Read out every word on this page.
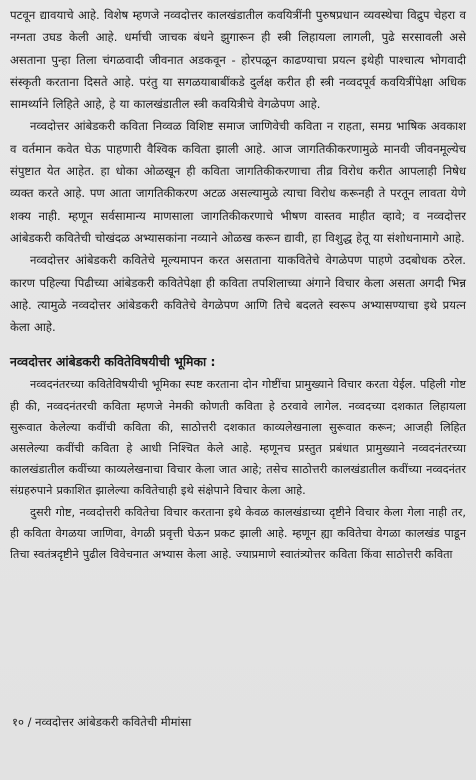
पटवून द्यावयाचे आहे. विशेष म्हणजे नव्वदोत्तर कालखंडातील कवयित्रींनी पुरुषप्रधान व्यवस्थेचा विद्रुप चेहरा व नग्नता उघड केली आहे. धर्माची जाचक बंधने झुगारून ही स्त्री लिहायला लागली, पुढे सरसावली असे असताना पुन्हा तिला चंगळवादी जीवनात अडकवून - होरपळून काढण्याचा प्रयत्न इथेही पाश्चात्य भोगवादी संस्कृती करताना दिसते आहे. परंतु या सगळयाबाबींकडे दुर्लक्ष करीत ही स्त्री नव्वदपूर्व कवयित्रींपेक्षा अधिक सामर्थ्याने लिहिते आहे, हे या कालखंडातील स्त्री कवयित्रीचे वेगळेपण आहे.

नव्वदोत्तर आंबेडकरी कविता निव्वळ विशिष्ट समाज जाणिवेची कविता न राहता, समग्र भाषिक अवकाश व वर्तमान कवेत घेऊ पाहणारी वैश्विक कविता झाली आहे. आज जागतिकीकरणामुळे मानवी जीवनमूल्येच संपुष्टात येत आहेत. हा धोका ओळखून ही कविता जागतिकीकरणाचा तीव्र विरोध करीत आपलाही निषेध व्यक्त करते आहे. पण आता जागतिकीकरण अटळ असल्यामुळे त्याचा विरोध करूनही ते परतून लावता येणे शक्य नाही. म्हणून सर्वसामान्य माणसाला जागतिकीकरणाचे भीषण वास्तव माहीत व्हावे; व नव्वदोत्तर आंबेडकरी कवितेची चोखंदळ अभ्यासकांना नव्याने ओळख करून द्यावी, हा विशुद्ध हेतू या संशोधनामागे आहे.

नव्वदोत्तर आंबेडकरी कवितेचे मूल्यमापन करत असताना याकवितेचे वेगळेपण पाहणे उदबोधक ठरेल. कारण पहिल्या पिढीच्या आंबेडकरी कवितेपेक्षा ही कविता तपशिलाच्या अंगाने विचार केला असता अगदी भिन्न आहे. त्यामुळे नव्वदोत्तर आंबेडकरी कवितेचे वेगळेपण आणि तिचे बदलते स्वरूप अभ्यासण्याचा इथे प्रयत्न केला आहे.

नव्वदोत्तर आंबेडकरी कवितेविषयीची भूमिका :

नव्वदनंतरच्या कवितेविषयीची भूमिका स्पष्ट करताना दोन गोष्टींचा प्रामुख्याने विचार करता येईल. पहिली गोष्ट ही की, नव्वदनंतरची कविता म्हणजे नेमकी कोणती कविता हे ठरवावे लागेल. नव्वदच्या दशकात लिहायला सुरूवात केलेल्या कवींची कविता की, साठोत्तरी दशकात काव्यलेखनाला सुरूवात करून; आजही लिहित असलेल्या कवींची कविता हे आधी निश्चित केले आहे. म्हणूनच प्रस्तुत प्रबंधात प्रामुख्याने नव्वदनंतरच्या कालखंडातील कवींच्या काव्यलेखनाचा विचार केला जात आहे; तसेच साठोत्तरी कालखंडातील कवींच्या नव्वदनंतर संग्रहरुपाने प्रकाशित झालेल्या कवितेचाही इथे संक्षेपाने विचार केला आहे.

दुसरी गोष्ट, नव्वदोत्तरी कवितेचा विचार करताना इथे केवळ कालखंडाच्या दृष्टीने विचार केला गेला नाही तर, ही कविता वेगळया जाणिवा, वेगळी प्रवृत्ती घेऊन प्रकट झाली आहे. म्हणून ह्या कवितेचा वेगळा कालखंड पाडून तिचा स्वतंत्रदृष्टीने पुढील विवेचनात अभ्यास केला आहे. ज्याप्रमाणे स्वातंत्र्योत्तर कविता किंवा साठोत्तरी कविता

१० / नव्वदोत्तर आंबेडकरी कवितेची मीमांसा
